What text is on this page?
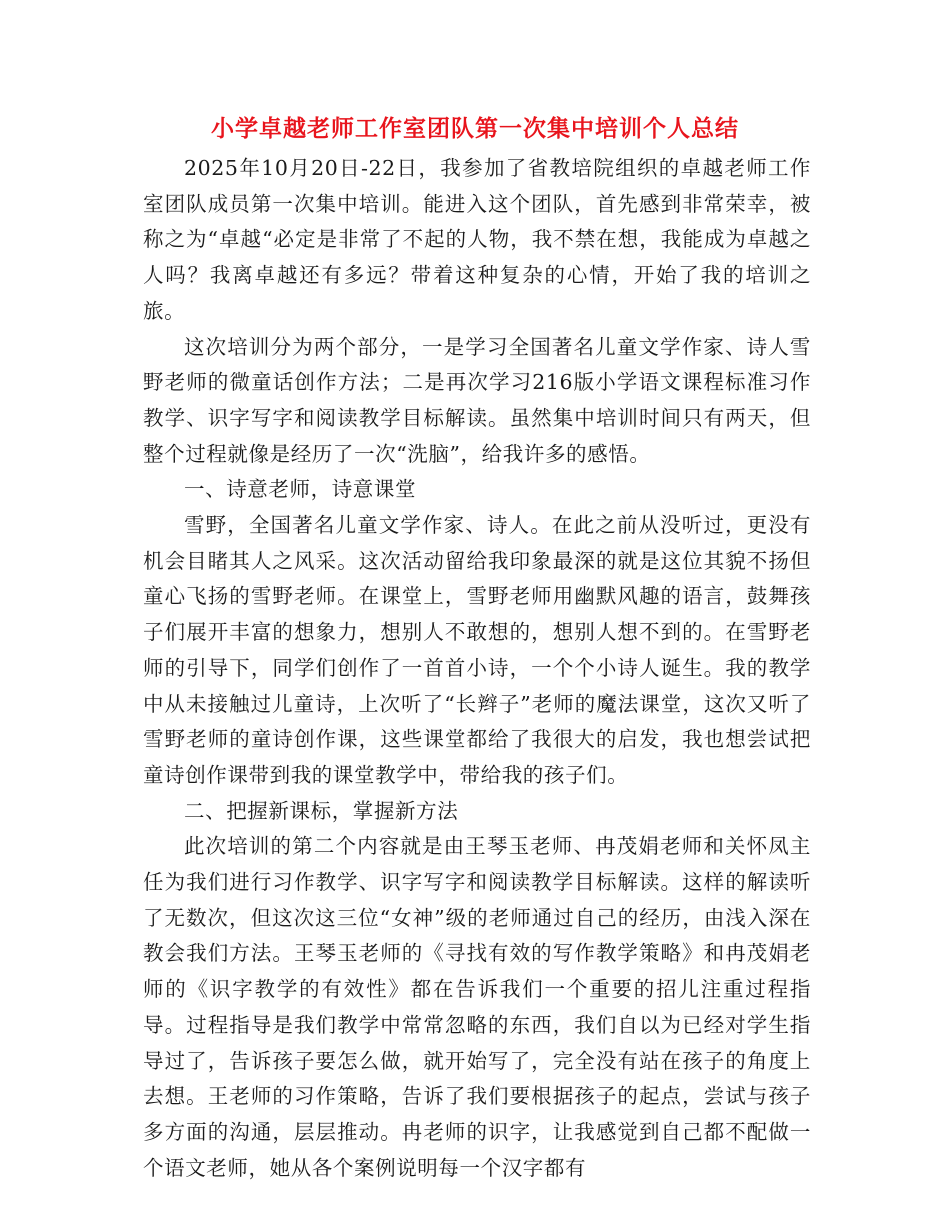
小学卓越老师工作室团队第一次集中培训个人总结

2025年10月20日-22日，我参加了省教培院组织的卓越老师工作室团队成员第一次集中培训。能进入这个团队，首先感到非常荣幸，被称之为“卓越“必定是非常了不起的人物，我不禁在想，我能成为卓越之人吗？我离卓越还有多远？带着这种复杂的心情，开始了我的培训之旅。

这次培训分为两个部分，一是学习全国著名儿童文学作家、诗人雪野老师的微童话创作方法；二是再次学习216版小学语文课程标准习作教学、识字写字和阅读教学目标解读。虽然集中培训时间只有两天，但整个过程就像是经历了一次“洗脑”，给我许多的感悟。

一、诗意老师，诗意课堂

雪野，全国著名儿童文学作家、诗人。在此之前从没听过，更没有机会目睹其人之风采。这次活动留给我印象最深的就是这位其貌不扬但童心飞扬的雪野老师。在课堂上，雪野老师用幽默风趣的语言，鼓舞孩子们展开丰富的想象力，想别人不敢想的，想别人想不到的。在雪野老师的引导下，同学们创作了一首首小诗，一个个小诗人诞生。我的教学中从未接触过儿童诗，上次听了“长辫子”老师的魔法课堂，这次又听了雪野老师的童诗创作课，这些课堂都给了我很大的启发，我也想尝试把童诗创作课带到我的课堂教学中，带给我的孩子们。

二、把握新课标，掌握新方法

此次培训的第二个内容就是由王琴玉老师、冉茂娟老师和关怀凤主任为我们进行习作教学、识字写字和阅读教学目标解读。这样的解读听了无数次，但这次这三位“女神”级的老师通过自己的经历，由浅入深在教会我们方法。王琴玉老师的《寻找有效的写作教学策略》和冉茂娟老师的《识字教学的有效性》都在告诉我们一个重要的招儿注重过程指导。过程指导是我们教学中常常忽略的东西，我们自以为已经对学生指导过了，告诉孩子要怎么做，就开始写了，完全没有站在孩子的角度上去想。王老师的习作策略，告诉了我们要根据孩子的起点，尝试与孩子多方面的沟通，层层推动。冉老师的识字，让我感觉到自己都不配做一个语文老师，她从各个案例说明每一个汉字都有
